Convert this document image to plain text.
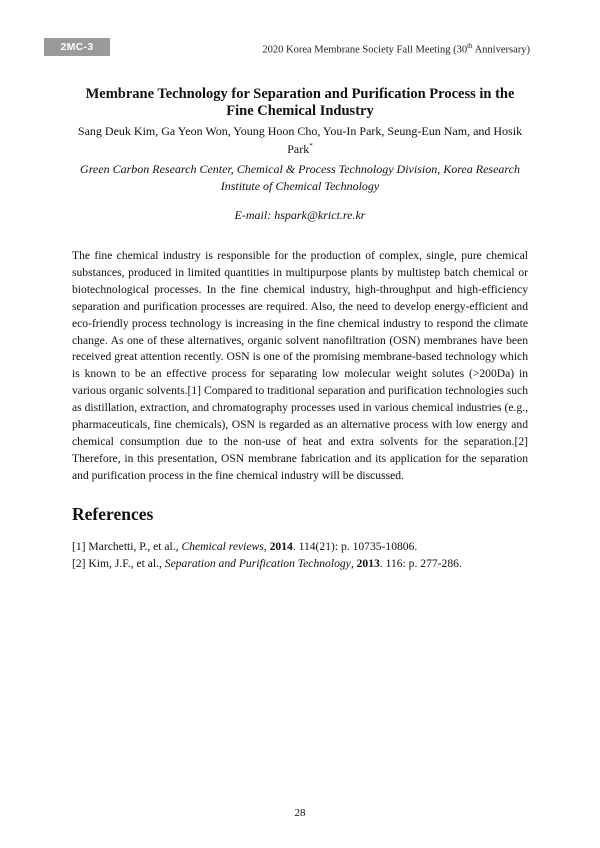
2MC-3	2020 Korea Membrane Society Fall Meeting (30th Anniversary)
Membrane Technology for Separation and Purification Process in the Fine Chemical Industry
Sang Deuk Kim, Ga Yeon Won, Young Hoon Cho, You-In Park, Seung-Eun Nam, and Hosik Park*
Green Carbon Research Center, Chemical & Process Technology Division, Korea Research Institute of Chemical Technology
E-mail: hspark@krict.re.kr

The fine chemical industry is responsible for the production of complex, single, pure chemical substances, produced in limited quantities in multipurpose plants by multistep batch chemical or biotechnological processes. In the fine chemical industry, high-throughput and high-efficiency separation and purification processes are required. Also, the need to develop energy-efficient and eco-friendly process technology is increasing in the fine chemical industry to respond the climate change. As one of these alternatives, organic solvent nanofiltration (OSN) membranes have been received great attention recently. OSN is one of the promising membrane-based technology which is known to be an effective process for separating low molecular weight solutes (>200Da) in various organic solvents.[1] Compared to traditional separation and purification technologies such as distillation, extraction, and chromatography processes used in various chemical industries (e.g., pharmaceuticals, fine chemicals), OSN is regarded as an alternative process with low energy and chemical consumption due to the non-use of heat and extra solvents for the separation.[2] Therefore, in this presentation, OSN membrane fabrication and its application for the separation and purification process in the fine chemical industry will be discussed.

References
[1] Marchetti, P., et al., Chemical reviews, 2014. 114(21): p. 10735-10806.
[2] Kim, J.F., et al., Separation and Purification Technology, 2013. 116: p. 277-286.
28
